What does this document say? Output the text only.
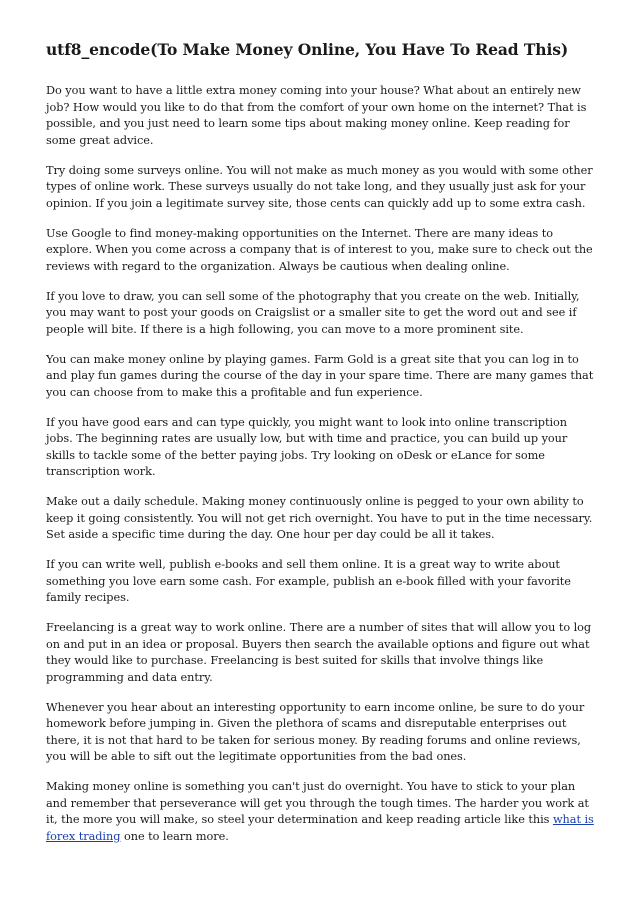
utf8_encode(To Make Money Online, You Have To Read This)

Do you want to have a little extra money coming into your house? What about an entirely new job? How would you like to do that from the comfort of your own home on the internet? That is possible, and you just need to learn some tips about making money online. Keep reading for some great advice.

Try doing some surveys online. You will not make as much money as you would with some other types of online work. These surveys usually do not take long, and they usually just ask for your opinion. If you join a legitimate survey site, those cents can quickly add up to some extra cash.

Use Google to find money-making opportunities on the Internet. There are many ideas to explore. When you come across a company that is of interest to you, make sure to check out the reviews with regard to the organization. Always be cautious when dealing online.

If you love to draw, you can sell some of the photography that you create on the web. Initially, you may want to post your goods on Craigslist or a smaller site to get the word out and see if people will bite. If there is a high following, you can move to a more prominent site.

You can make money online by playing games. Farm Gold is a great site that you can log in to and play fun games during the course of the day in your spare time. There are many games that you can choose from to make this a profitable and fun experience.

If you have good ears and can type quickly, you might want to look into online transcription jobs. The beginning rates are usually low, but with time and practice, you can build up your skills to tackle some of the better paying jobs. Try looking on oDesk or eLance for some transcription work.

Make out a daily schedule. Making money continuously online is pegged to your own ability to keep it going consistently. You will not get rich overnight. You have to put in the time necessary. Set aside a specific time during the day. One hour per day could be all it takes.

If you can write well, publish e-books and sell them online. It is a great way to write about something you love earn some cash. For example, publish an e-book filled with your favorite family recipes.

Freelancing is a great way to work online. There are a number of sites that will allow you to log on and put in an idea or proposal. Buyers then search the available options and figure out what they would like to purchase. Freelancing is best suited for skills that involve things like programming and data entry.

Whenever you hear about an interesting opportunity to earn income online, be sure to do your homework before jumping in. Given the plethora of scams and disreputable enterprises out there, it is not that hard to be taken for serious money. By reading forums and online reviews, you will be able to sift out the legitimate opportunities from the bad ones.

Making money online is something you can't just do overnight. You have to stick to your plan and remember that perseverance will get you through the tough times. The harder you work at it, the more you will make, so steel your determination and keep reading article like this what is forex trading one to learn more.
